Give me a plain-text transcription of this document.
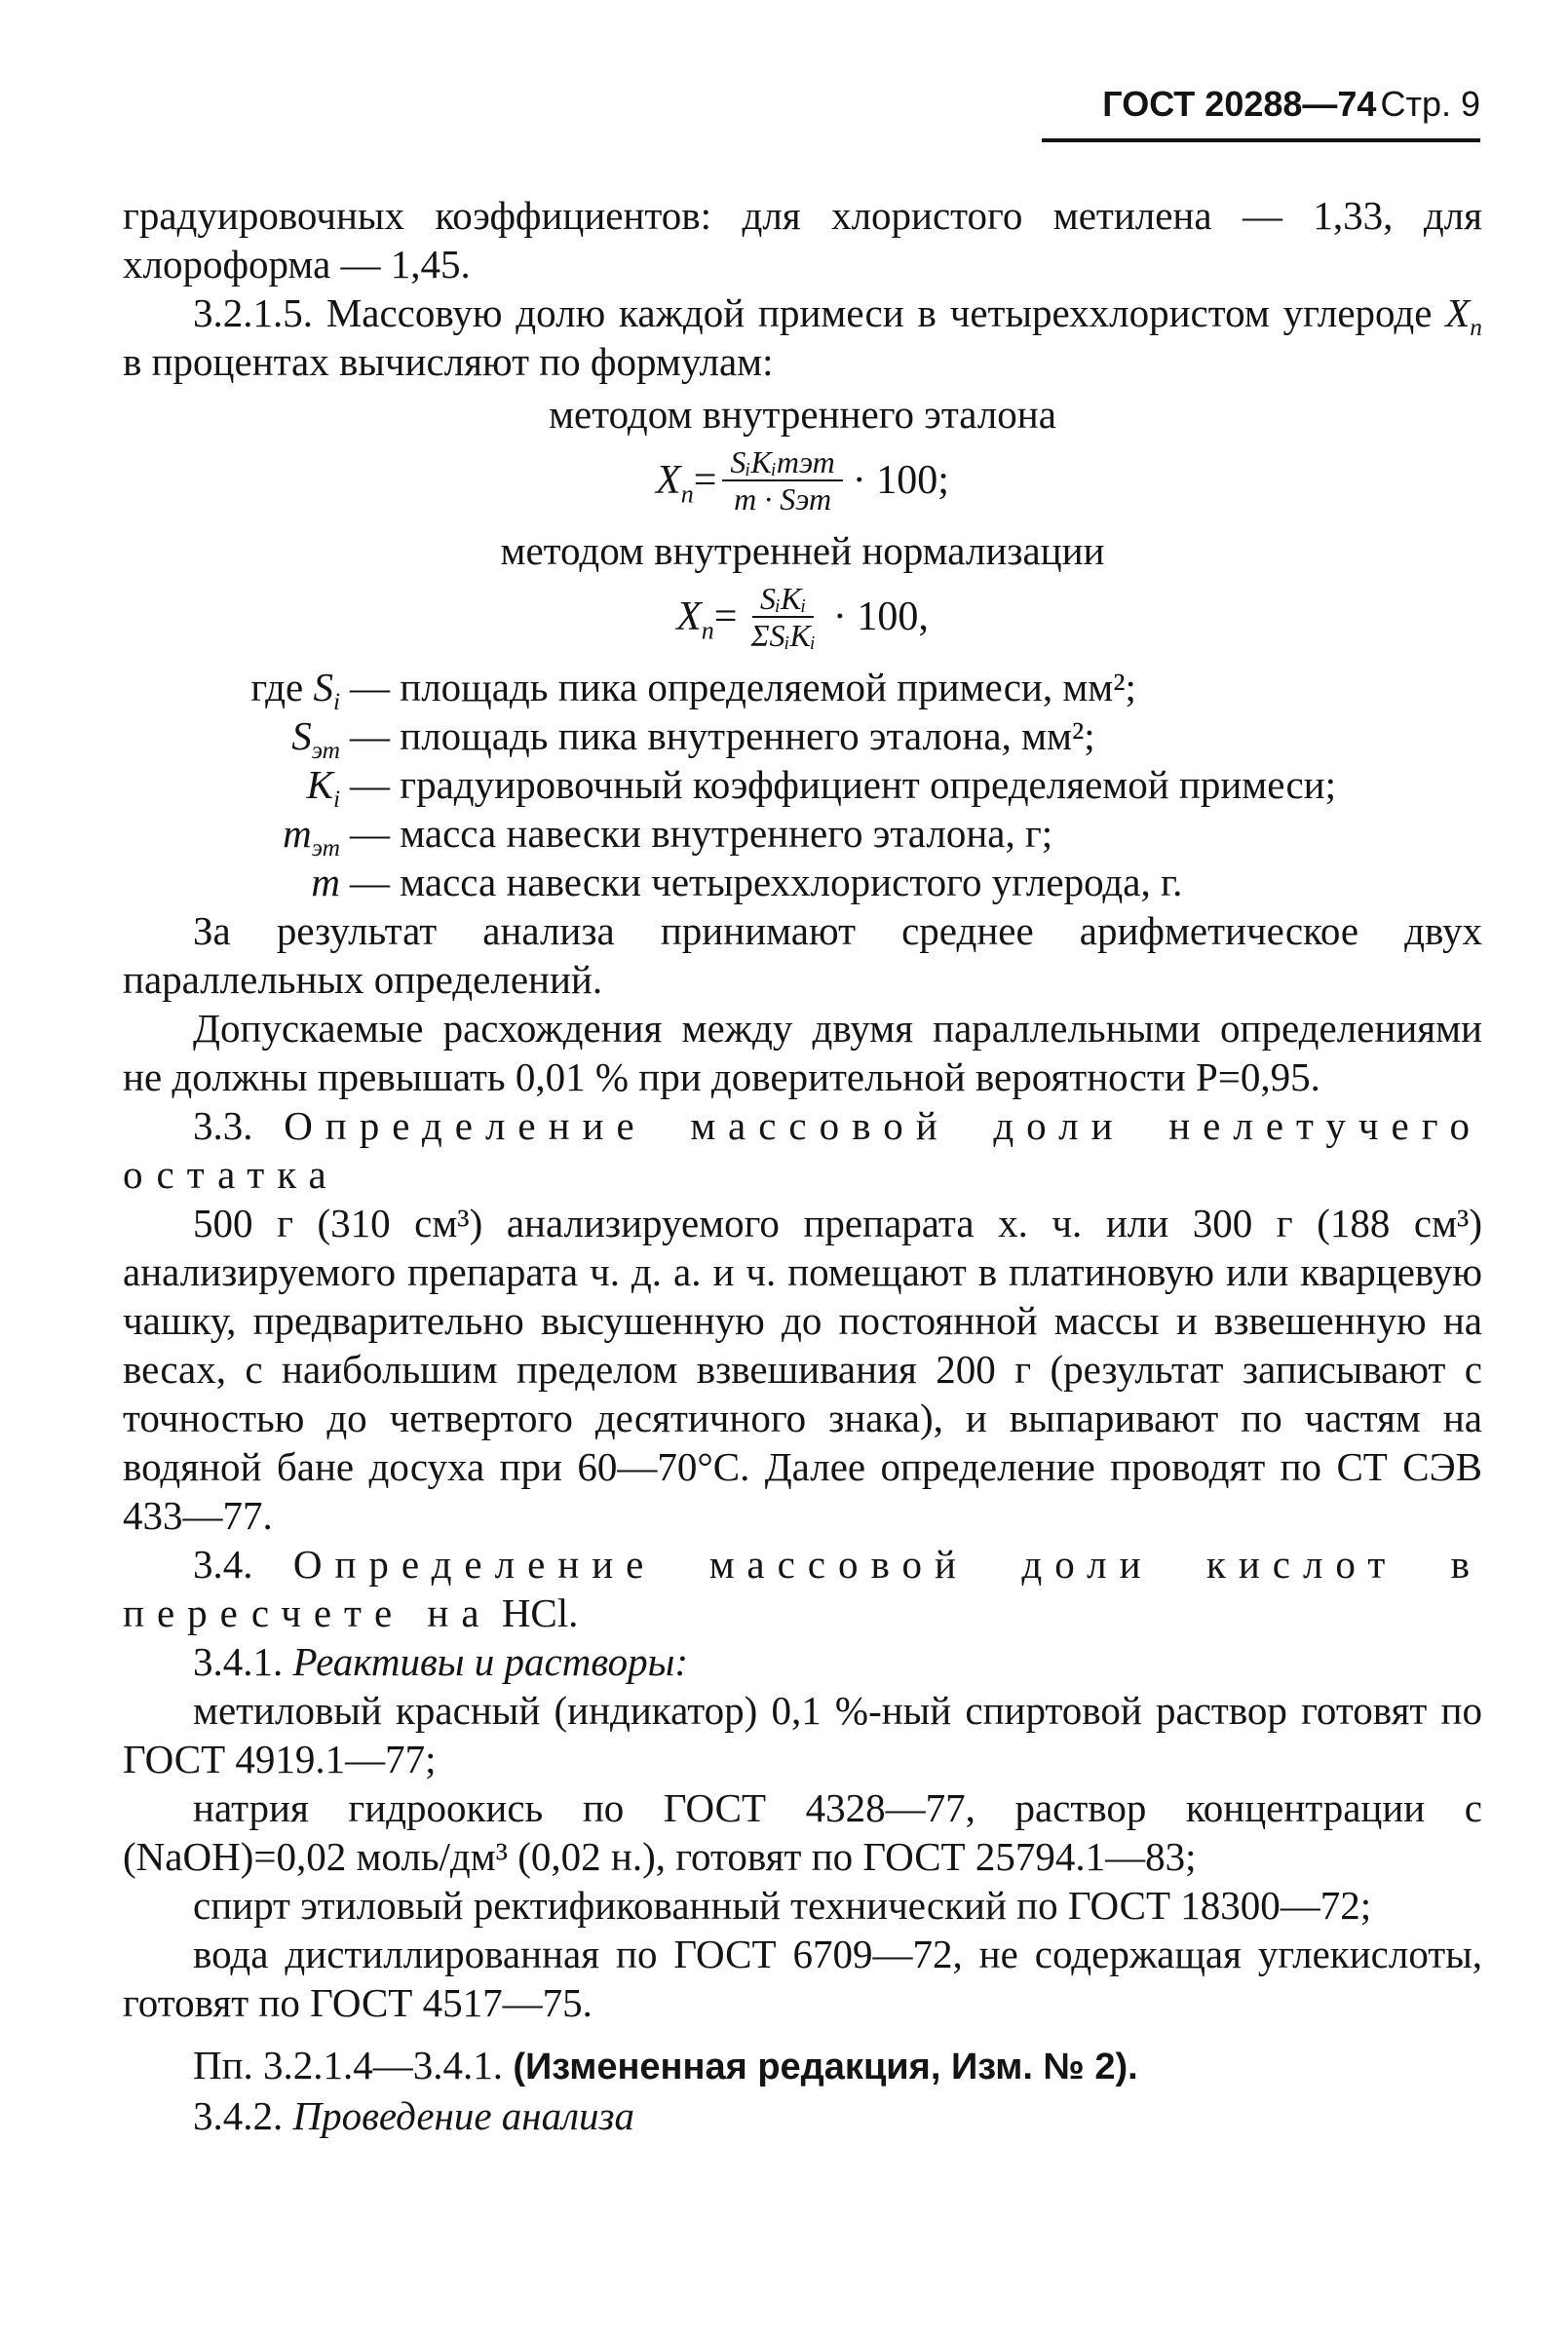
ГОСТ 20288—74 Стр. 9

градуировочных коэффициентов: для хлористого метилена — 1,33, для хлороформа — 1,45.

3.2.1.5. Массовую долю каждой примеси в четыреххлористом углероде $X_п$ в процентах вычисляют по формулам:

методом внутреннего эталона

$X_п = \frac{\text{SᵢKᵢmэт}}{\text{m · Sэт}} \cdot 100$;

методом внутренней нормализации

$X_п = \frac{\text{SᵢKᵢ}}{\text{ΣSᵢKᵢ}} \cdot 100$,
где $S_i$ — площадь пика определяемой примеси, мм²;
$S_{эт}$ — площадь пика внутреннего эталона, мм²;
$K_i$ — градуировочный коэффициент определяемой примеси;
$m_{эт}$ — масса навески внутреннего эталона, г;
m — масса навески четыреххлористого углерода, г.

За результат анализа принимают среднее арифметическое двух параллельных определений.

Допускаемые расхождения между двумя параллельными определениями не должны превышать 0,01 % при доверительной вероятности P=0,95.

3.3. Определение массовой доли нелетучего остатка

500 г (310 см³) анализируемого препарата х. ч. или 300 г (188 см³) анализируемого препарата ч. д. а. и ч. помещают в платиновую или кварцевую чашку, предварительно высушенную до постоянной массы и взвешенную на весах, с наибольшим пределом взвешивания 200 г (результат записывают с точностью до четвертого десятичного знака), и выпаривают по частям на водяной бане досуха при 60—70°С. Далее определение проводят по СТ СЭВ 433—77.

3.4. Определение массовой доли кислот в пересчете на HCl.

3.4.1. Реактивы и растворы:

метиловый красный (индикатор) 0,1 %-ный спиртовой раствор готовят по ГОСТ 4919.1—77;

натрия гидроокись по ГОСТ 4328—77, раствор концентрации c (NaOH)=0,02 моль/дм³ (0,02 н.), готовят по ГОСТ 25794.1—83;

спирт этиловый ректификованный технический по ГОСТ 18300—72;

вода дистиллированная по ГОСТ 6709—72, не содержащая углекислоты, готовят по ГОСТ 4517—75.

Пп. 3.2.1.4—3.4.1. (Измененная редакция, Изм. № 2).

3.4.2. Проведение анализа
